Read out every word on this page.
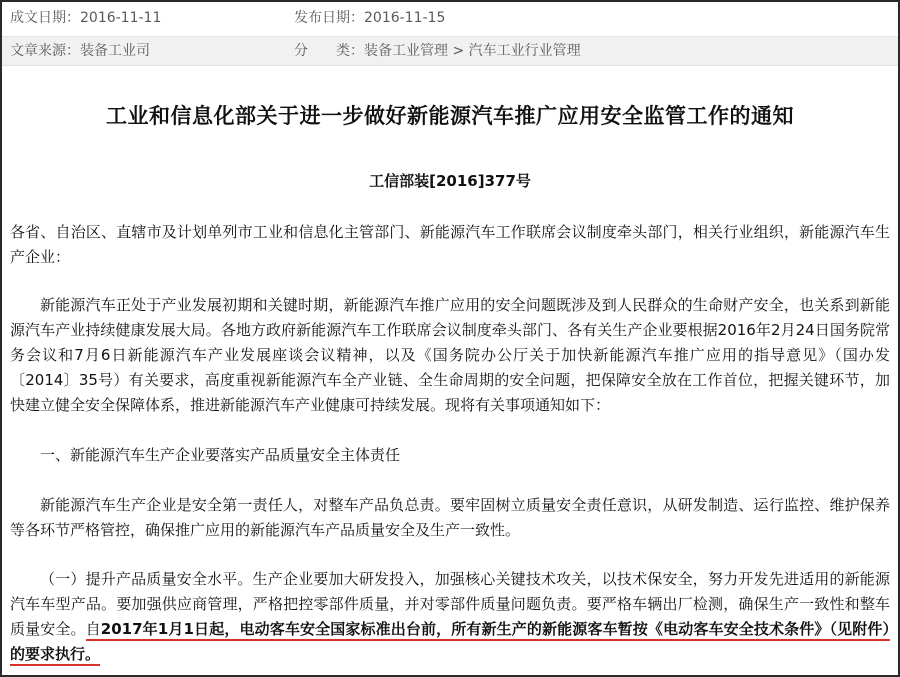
成文日期：2016-11-11	发布日期：2016-11-15
文章来源：装备工业司	分　　类：装备工业管理 > 汽车工业行业管理
工业和信息化部关于进一步做好新能源汽车推广应用安全监管工作的通知
工信部装[2016]377号

各省、自治区、直辖市及计划单列市工业和信息化主管部门、新能源汽车工作联席会议制度牵头部门，相关行业组织，新能源汽车生产企业：

新能源汽车正处于产业发展初期和关键时期，新能源汽车推广应用的安全问题既涉及到人民群众的生命财产安全，也关系到新能源汽车产业持续健康发展大局。各地方政府新能源汽车工作联席会议制度牵头部门、各有关生产企业要根据2016年2月24日国务院常务会议和7月6日新能源汽车产业发展座谈会议精神，以及《国务院办公厅关于加快新能源汽车推广应用的指导意见》（国办发〔2014〕35号）有关要求，高度重视新能源汽车全产业链、全生命周期的安全问题，把保障安全放在工作首位，把握关键环节，加快建立健全安全保障体系，推进新能源汽车产业健康可持续发展。现将有关事项通知如下：

一、新能源汽车生产企业要落实产品质量安全主体责任

新能源汽车生产企业是安全第一责任人，对整车产品负总责。要牢固树立质量安全责任意识，从研发制造、运行监控、维护保养等各环节严格管控，确保推广应用的新能源汽车产品质量安全及生产一致性。

（一）提升产品质量安全水平。生产企业要加大研发投入，加强核心关键技术攻关，以技术保安全，努力开发先进适用的新能源汽车车型产品。要加强供应商管理，严格把控零部件质量，并对零部件质量问题负责。要严格车辆出厂检测，确保生产一致性和整车质量安全。自2017年1月1日起，电动客车安全国家标准出台前，所有新生产的新能源客车暂按《电动客车安全技术条件》（见附件）的要求执行。
